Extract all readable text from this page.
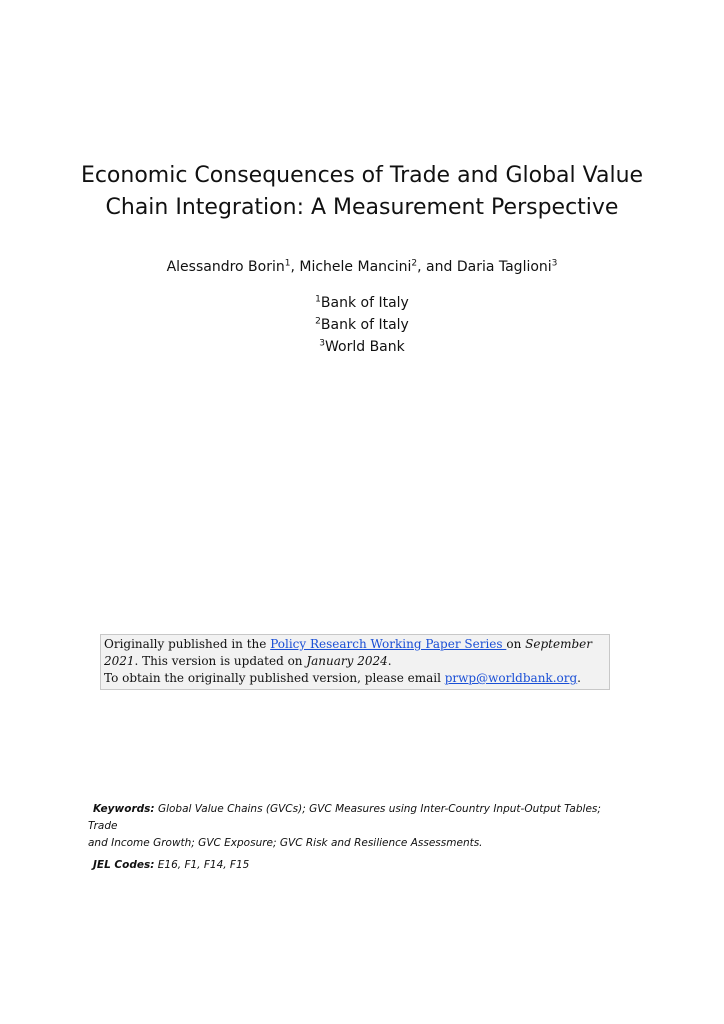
Economic Consequences of Trade and Global Value
Chain Integration: A Measurement Perspective
Alessandro Borin$^1$, Michele Mancini$^2$, and Daria Taglioni$^3$
$^1$Bank of Italy
$^2$Bank of Italy
$^3$World Bank
Originally published in the Policy Research Working Paper Series on September
2021. This version is updated on January 2024.
To obtain the originally published version, please email prwp@worldbank.org.
Keywords: Global Value Chains (GVCs); GVC Measures using Inter-Country Input-Output Tables; Trade
and Income Growth; GVC Exposure; GVC Risk and Resilience Assessments.
JEL Codes: E16, F1, F14, F15
